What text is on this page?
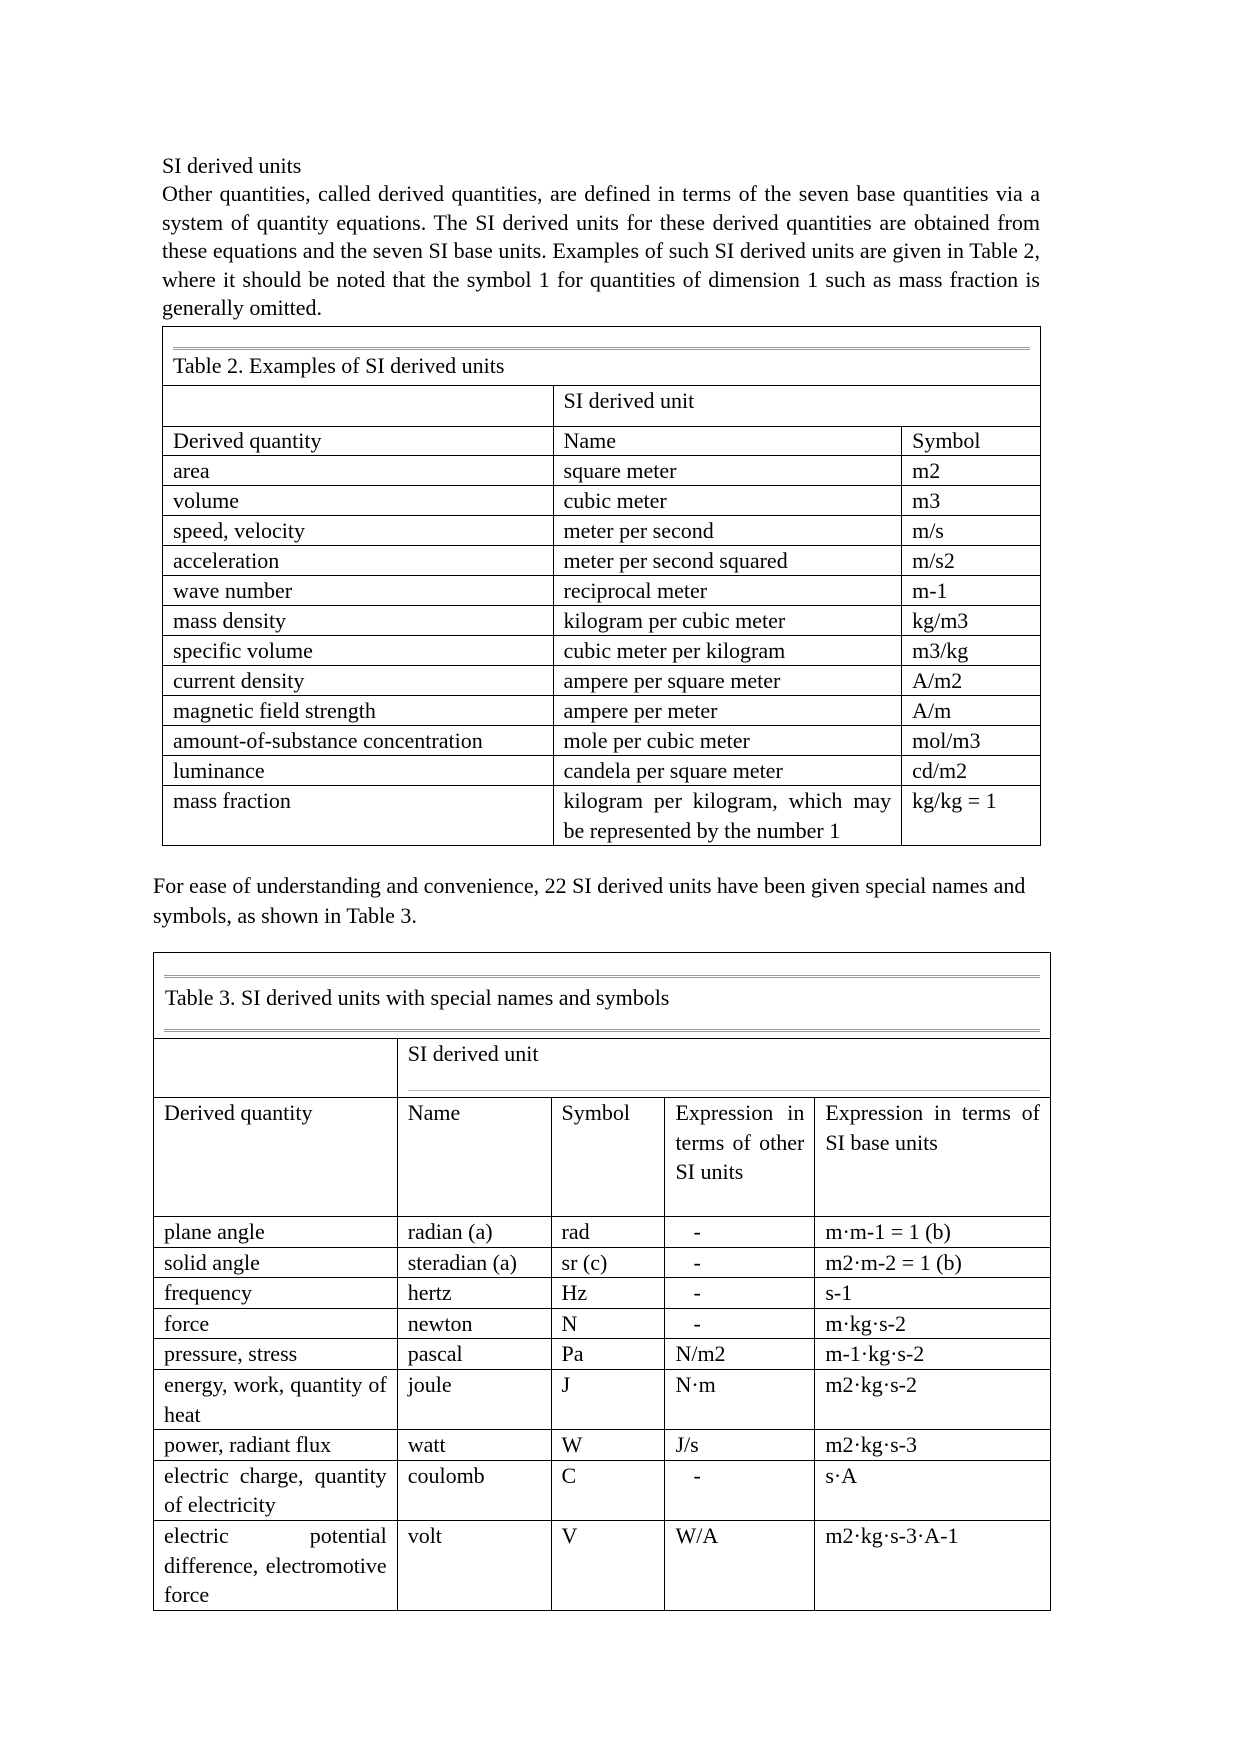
SI derived units
Other quantities, called derived quantities, are defined in terms of the seven base quantities via a system of quantity equations. The SI derived units for these derived quantities are obtained from these equations and the seven SI base units. Examples of such SI derived units are given in Table 2, where it should be noted that the symbol 1 for quantities of dimension 1 such as mass fraction is generally omitted.
Table 2. Examples of SI derived units		
	SI derived unit	
Derived quantity	Name	Symbol
area	square meter	m2
volume	cubic meter	m3
speed, velocity	meter per second	m/s
acceleration	meter per second squared	m/s2
wave number	reciprocal meter	m-1
mass density	kilogram per cubic meter	kg/m3
specific volume	cubic meter per kilogram	m3/kg
current density	ampere per square meter	A/m2
magnetic field strength	ampere per meter	A/m
amount-of-substance concentration	mole per cubic meter	mol/m3
luminance	candela per square meter	cd/m2
mass fraction	kilogram per kilogram, which may be represented by the number 1	kg/kg = 1
For ease of understanding and convenience, 22 SI derived units have been given special names and symbols, as shown in Table 3.
Table 3. SI derived units with special names and symbols				

	SI derived unit			

Derived quantity	Name	Symbol	Expression in terms of other SI units	Expression in terms of SI base units
plane angle	radian (a)	rad	-	m·m-1 = 1 (b)
solid angle	steradian (a)	sr (c)	-	m2·m-2 = 1 (b)
frequency	hertz	Hz	-	s-1
force	newton	N	-	m·kg·s-2
pressure, stress	pascal	Pa	N/m2	m-1·kg·s-2
energy, work, quantity of heat	joule	J	N·m	m2·kg·s-2
power, radiant flux	watt	W	J/s	m2·kg·s-3
electric charge, quantity of electricity	coulomb	C	-	s·A
electric potential difference, electromotive force	volt	V	W/A	m2·kg·s-3·A-1
